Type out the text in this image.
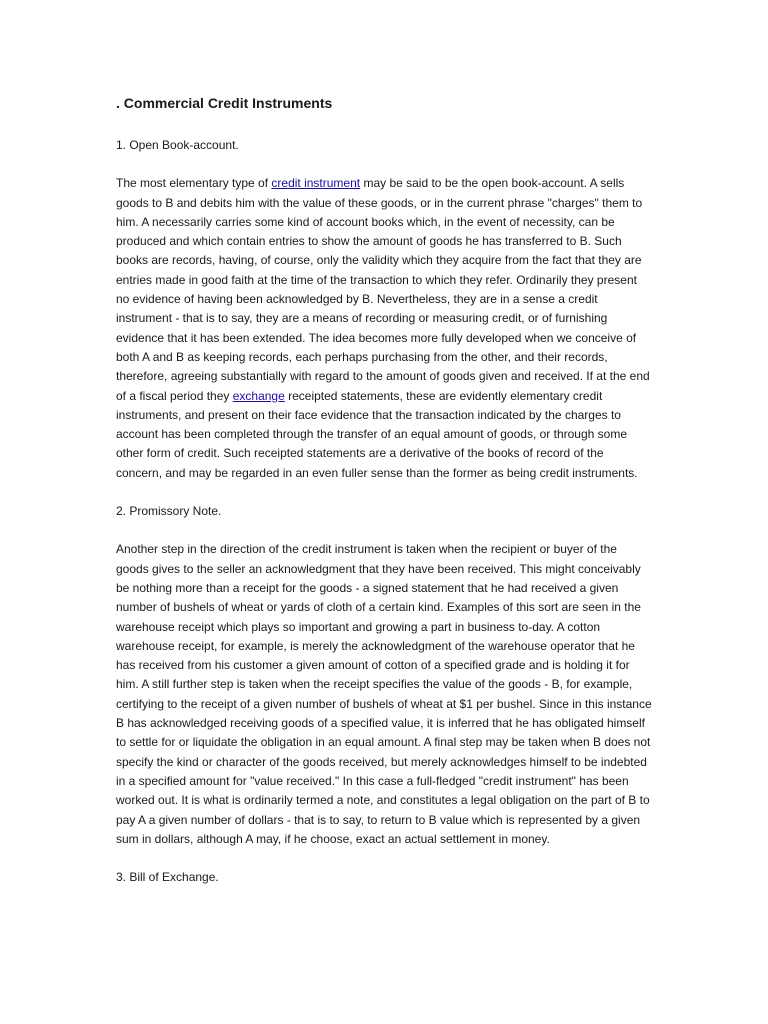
. Commercial Credit Instruments
1. Open Book-account.

The most elementary type of credit instrument may be said to be the open book-account. A sells goods to B and debits him with the value of these goods, or in the current phrase "charges" them to him. A necessarily carries some kind of account books which, in the event of necessity, can be produced and which contain entries to show the amount of goods he has transferred to B. Such books are records, having, of course, only the validity which they acquire from the fact that they are entries made in good faith at the time of the transaction to which they refer. Ordinarily they present no evidence of having been acknowledged by B. Nevertheless, they are in a sense a credit instrument - that is to say, they are a means of recording or measuring credit, or of furnishing evidence that it has been extended. The idea becomes more fully developed when we conceive of both A and B as keeping records, each perhaps purchasing from the other, and their records, therefore, agreeing substantially with regard to the amount of goods given and received. If at the end of a fiscal period they exchange receipted statements, these are evidently elementary credit instruments, and present on their face evidence that the transaction indicated by the charges to account has been completed through the transfer of an equal amount of goods, or through some other form of credit. Such receipted statements are a derivative of the books of record of the concern, and may be regarded in an even fuller sense than the former as being credit instruments.

2. Promissory Note.

Another step in the direction of the credit instrument is taken when the recipient or buyer of the goods gives to the seller an acknowledgment that they have been received. This might conceivably be nothing more than a receipt for the goods - a signed statement that he had received a given number of bushels of wheat or yards of cloth of a certain kind. Examples of this sort are seen in the warehouse receipt which plays so important and growing a part in business to-day. A cotton warehouse receipt, for example, is merely the acknowledgment of the warehouse operator that he has received from his customer a given amount of cotton of a specified grade and is holding it for him. A still further step is taken when the receipt specifies the value of the goods - B, for example, certifying to the receipt of a given number of bushels of wheat at $1 per bushel. Since in this instance B has acknowledged receiving goods of a specified value, it is inferred that he has obligated himself to settle for or liquidate the obligation in an equal amount. A final step may be taken when B does not specify the kind or character of the goods received, but merely acknowledges himself to be indebted in a specified amount for "value received." In this case a full-fledged "credit instrument" has been worked out. It is what is ordinarily termed a note, and constitutes a legal obligation on the part of B to pay A a given number of dollars - that is to say, to return to B value which is represented by a given sum in dollars, although A may, if he choose, exact an actual settlement in money.

3. Bill of Exchange.
